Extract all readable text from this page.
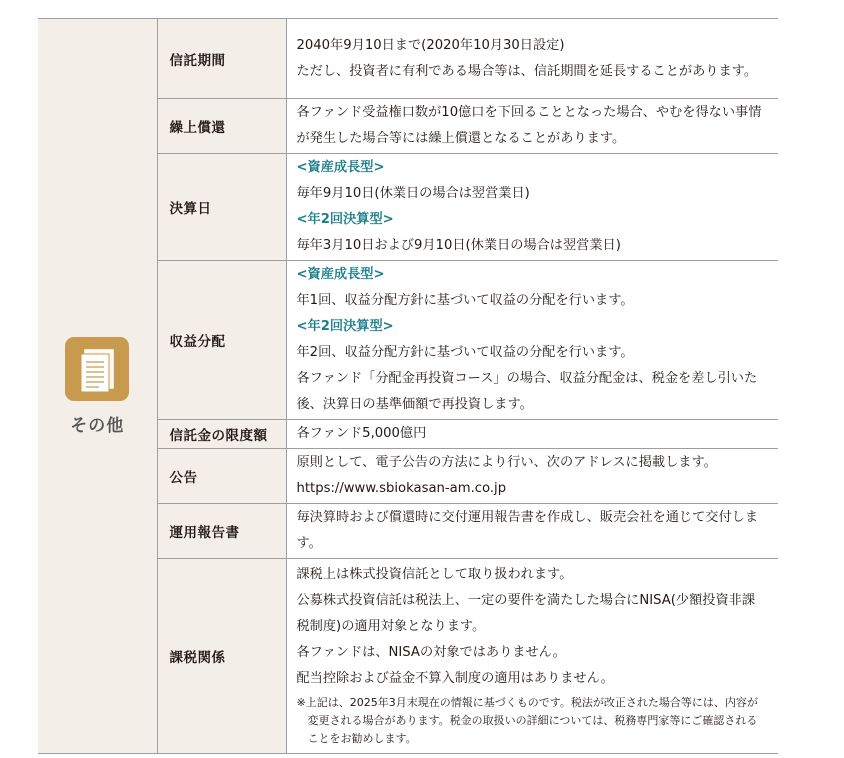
その他	信託期間	2040年9月10日まで(2020年10月30日設定)

ただし、投資者に有利である場合等は、信託期間を延長することがあります。

	繰上償還	各ファンド受益権口数が10億口を下回ることとなった場合、やむを得ない事情が発生した場合等には繰上償還となることがあります。

	決算日	<資産成長型>

毎年9月10日(休業日の場合は翌営業日)

<年2回決算型>

毎年3月10日および9月10日(休業日の場合は翌営業日)

	収益分配	<資産成長型>

年1回、収益分配方針に基づいて収益の分配を行います。

<年2回決算型>

年2回、収益分配方針に基づいて収益の分配を行います。

各ファンド「分配金再投資コース」の場合、収益分配金は、税金を差し引いた後、決算日の基準価額で再投資します。

	信託金の限度額	各ファンド5,000億円

	公告	原則として、電子公告の方法により行い、次のアドレスに掲載します。

https://www.sbiokasan-am.co.jp

	運用報告書	毎決算時および償還時に交付運用報告書を作成し、販売会社を通じて交付します。

	課税関係	課税上は株式投資信託として取り扱われます。

公募株式投資信託は税法上、一定の要件を満たした場合にNISA(少額投資非課税制度)の適用対象となります。

各ファンドは、NISAの対象ではありません。

配当控除および益金不算入制度の適用はありません。

※上記は、2025年3月末現在の情報に基づくものです。税法が改正された場合等には、内容が変更される場合があります。税金の取扱いの詳細については、税務専門家等にご確認されることをお勧めします。
